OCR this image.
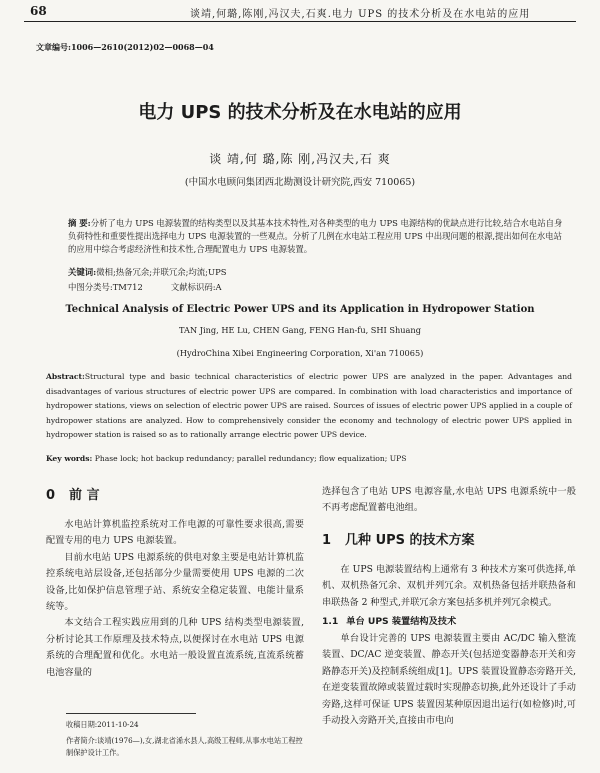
68	谈靖,何璐,陈刚,冯汉夫,石爽.电力 UPS 的技术分析及在水电站的应用
文章编号:1006—2610(2012)02—0068—04
电力 UPS 的技术分析及在水电站的应用
谈 靖,何 璐,陈 刚,冯汉夫,石 爽
(中国水电顾问集团西北勘测设计研究院,西安 710065)
摘 要:分析了电力 UPS 电源装置的结构类型以及其基本技术特性,对各种类型的电力 UPS 电源结构的优缺点进行比较,结合水电站自身负荷特性和重要性提出选择电力 UPS 电源装置的一些观点。分析了几例在水电站工程应用 UPS 中出现问题的根源,提出如何在水电站的应用中综合考虑经济性和技术性,合理配置电力 UPS 电源装置。
关键词:微相;热备冗余;并联冗余;均流;UPS
中图分类号:TM712	文献标识码:A
Technical Analysis of Electric Power UPS and its Application in Hydropower Station
TAN Jing, HE Lu, CHEN Gang, FENG Han-fu, SHI Shuang
(HydroChina Xibei Engineering Corporation, Xi'an 710065)
Abstract:Structural type and basic technical characteristics of electric power UPS are analyzed in the paper. Advantages and disadvantages of various structures of electric power UPS are compared. In combination with load characteristics and importance of hydropower stations, views on selection of electric power UPS are raised. Sources of issues of electric power UPS applied in a couple of hydropower stations are analyzed. How to comprehensively consider the economy and technology of electric power UPS applied in hydropower station is raised so as to rationally arrange electric power UPS device.
Key words: Phase lock; hot backup redundancy; parallel redundancy; flow equalization; UPS
0 前 言

水电站计算机监控系统对工作电源的可靠性要求很高,需要配置专用的电力 UPS 电源装置。

目前水电站 UPS 电源系统的供电对象主要是电站计算机监控系统电站层设备,还包括部分少量需要使用 UPS 电源的二次设备,比如保护信息管理子站、系统安全稳定装置、电能计量系统等。

本文结合工程实践应用到的几种 UPS 结构类型电源装置,分析讨论其工作原理及技术特点,以便探讨在水电站 UPS 电源系统的合理配置和优化。水电站一般设置直流系统,直流系统蓄电池容量的

选择包含了电站 UPS 电源容量,水电站 UPS 电源系统中一般不再考虑配置蓄电池组。

1 几种 UPS 的技术方案

在 UPS 电源装置结构上通常有 3 种技术方案可供选择,单机、双机热备冗余、双机并列冗余。双机热备包括并联热备和串联热备 2 种型式,并联冗余方案包括多机并列冗余模式。

1.1 单台 UPS 装置结构及技术

单台设计完善的 UPS 电源装置主要由 AC/DC 输入整流装置、DC/AC 逆变装置、静态开关(包括逆变器静态开关和旁路静态开关)及控制系统组成[1]。UPS 装置设置静态旁路开关,在逆变装置故障或装置过载时实现静态切换,此外还设计了手动旁路,这样可保证 UPS 装置因某种原因退出运行(如检修)时,可手动投入旁路开关,直接由市电向

收稿日期:2011-10-24
作者简介:谈靖(1976—),女,湖北省浠水县人,高级工程师,从事水电站工程控制保护设计工作。
